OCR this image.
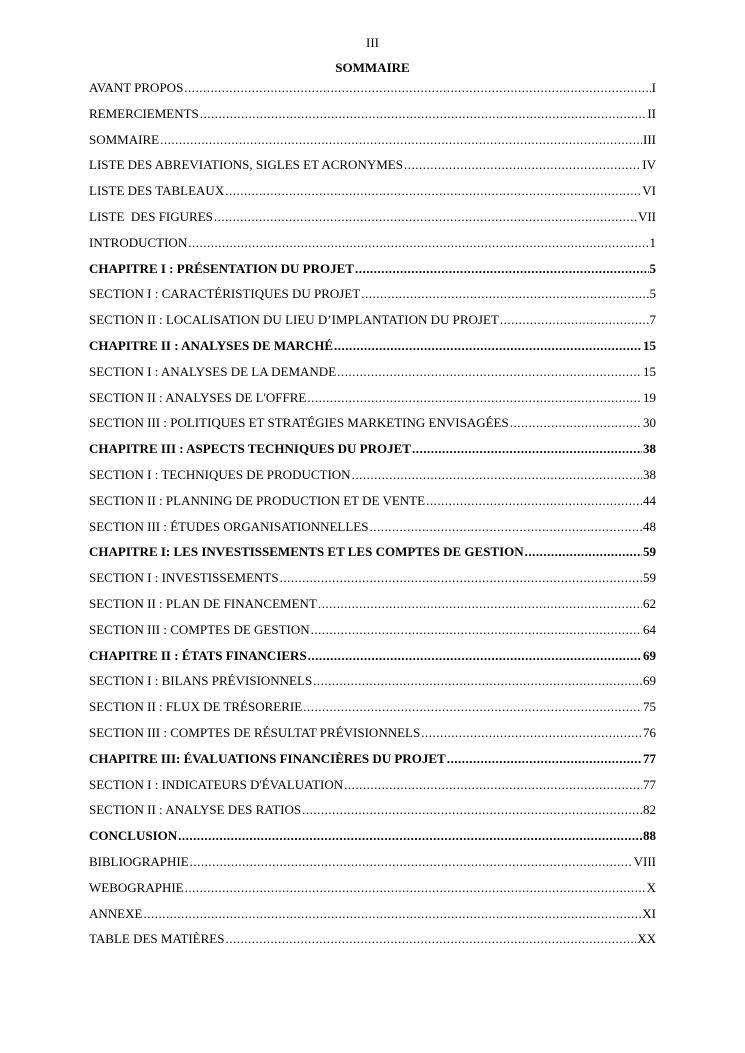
III
SOMMAIRE
AVANT PROPOS .....	I
REMERCIEMENTS .....	II
SOMMAIRE .....	III
LISTE DES ABREVIATIONS, SIGLES ET ACRONYMES .....	IV
LISTE DES TABLEAUX .....	VI
LISTE  DES FIGURES .....	VII
INTRODUCTION .....	1
CHAPITRE I : PRÉSENTATION DU PROJET .....	5
SECTION I : CARACTÉRISTIQUES DU PROJET .....	5
SECTION II : LOCALISATION DU LIEU D’IMPLANTATION DU PROJET .....	7
CHAPITRE II : ANALYSES DE MARCHÉ .....	15
SECTION I : ANALYSES DE LA DEMANDE .....	15
SECTION II : ANALYSES DE L'OFFRE .....	19
SECTION III : POLITIQUES ET STRATÉGIES MARKETING ENVISAGÉES .....	30
CHAPITRE III : ASPECTS TECHNIQUES DU PROJET .....	38
SECTION I : TECHNIQUES DE PRODUCTION .....	38
SECTION II : PLANNING DE PRODUCTION ET DE VENTE .....	44
SECTION III : ÉTUDES ORGANISATIONNELLES .....	48
CHAPITRE I: LES INVESTISSEMENTS ET LES COMPTES DE GESTION .....	59
SECTION I : INVESTISSEMENTS .....	59
SECTION II : PLAN DE FINANCEMENT .....	62
SECTION III : COMPTES DE GESTION .....	64
CHAPITRE II : ÉTATS FINANCIERS .....	69
SECTION I : BILANS PRÉVISIONNELS .....	69
SECTION II : FLUX DE TRÉSORERIE .....	75
SECTION III : COMPTES DE RÉSULTAT PRÉVISIONNELS .....	76
CHAPITRE III: ÉVALUATIONS FINANCIÈRES DU PROJET .....	77
SECTION I : INDICATEURS D'ÉVALUATION .....	77
SECTION II : ANALYSE DES RATIOS .....	82
CONCLUSION .....	88
BIBLIOGRAPHIE .....	VIII
WEBOGRAPHIE .....	X
ANNEXE .....	XI
TABLE DES MATIÈRES .....	XX
